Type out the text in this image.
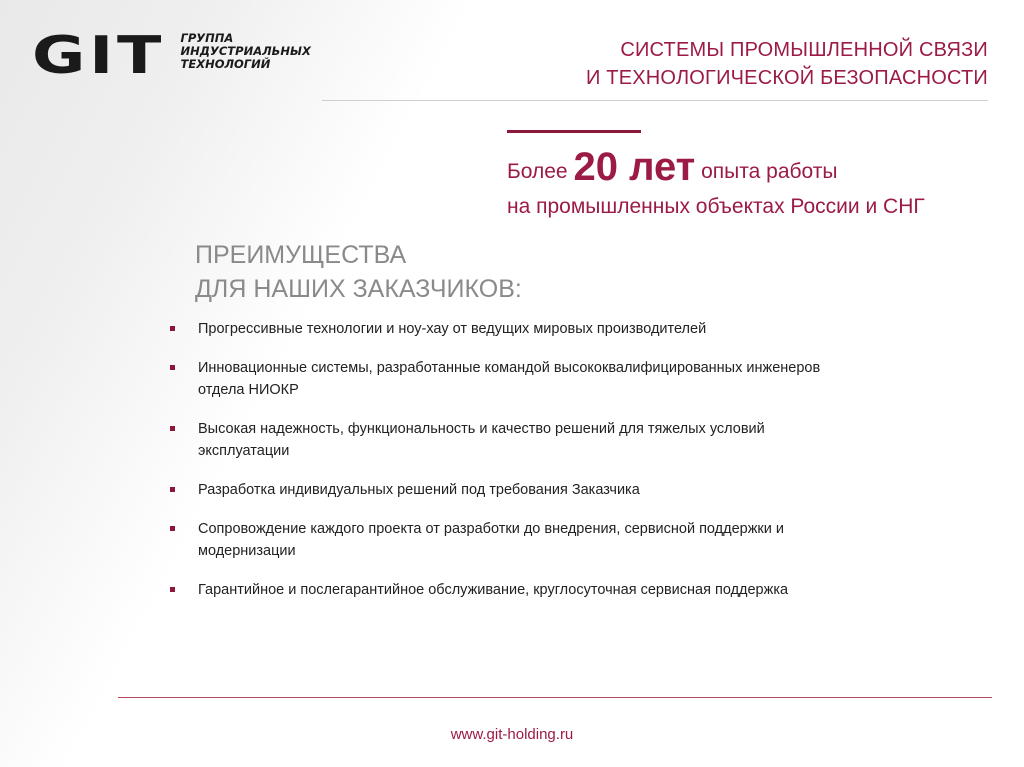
GIT ГРУППА
ИНДУСТРИАЛЬНЫХ
ТЕХНОЛОГИЙ
СИСТЕМЫ ПРОМЫШЛЕННОЙ СВЯЗИ
И ТЕХНОЛОГИЧЕСКОЙ БЕЗОПАСНОСТИ
Более 20 лет опыта работы
на промышленных объектах России и СНГ
ПРЕИМУЩЕСТВА
ДЛЯ НАШИХ ЗАКАЗЧИКОВ:
Прогрессивные технологии и ноу-хау от ведущих мировых производителей
Инновационные системы, разработанные командой высококвалифицированных инженеров
отдела НИОКР
Высокая надежность, функциональность и качество решений для тяжелых условий
эксплуатации
Разработка индивидуальных решений под требования Заказчика
Сопровождение каждого проекта от разработки до внедрения, сервисной поддержки и
модернизации
Гарантийное и послегарантийное обслуживание, круглосуточная сервисная поддержка
www.git-holding.ru
